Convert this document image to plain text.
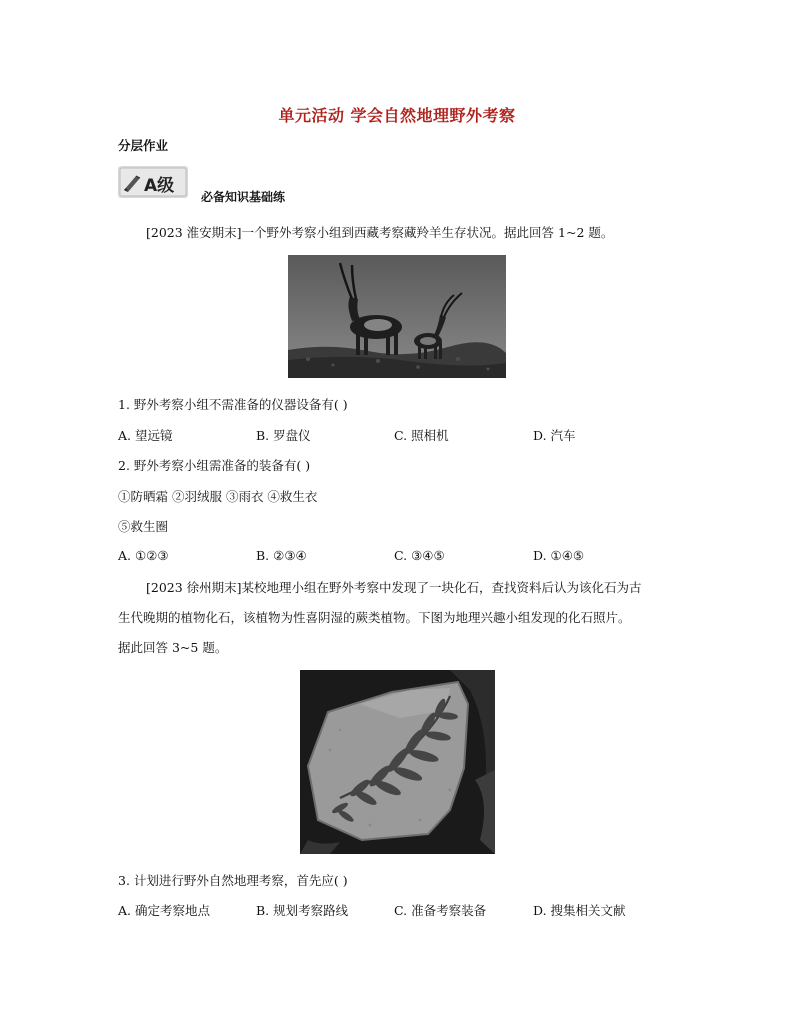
单元活动 学会自然地理野外考察
分层作业
A级
必备知识基础练
[2023 淮安期末]一个野外考察小组到西藏考察藏羚羊生存状况。据此回答 1~2 题。
1. 野外考察小组不需准备的仪器设备有( )
A. 望远镜	B. 罗盘仪	C. 照相机	D. 汽车
2. 野外考察小组需准备的装备有( )
①防晒霜 ②羽绒服 ③雨衣 ④救生衣
⑤救生圈
A. ①②③	B. ②③④	C. ③④⑤	D. ①④⑤
[2023 徐州期末]某校地理小组在野外考察中发现了一块化石，查找资料后认为该化石为古
生代晚期的植物化石，该植物为性喜阴湿的蕨类植物。下图为地理兴趣小组发现的化石照片。
据此回答 3~5 题。
3. 计划进行野外自然地理考察，首先应( )
A. 确定考察地点	B. 规划考察路线	C. 准备考察装备	D. 搜集相关文献
